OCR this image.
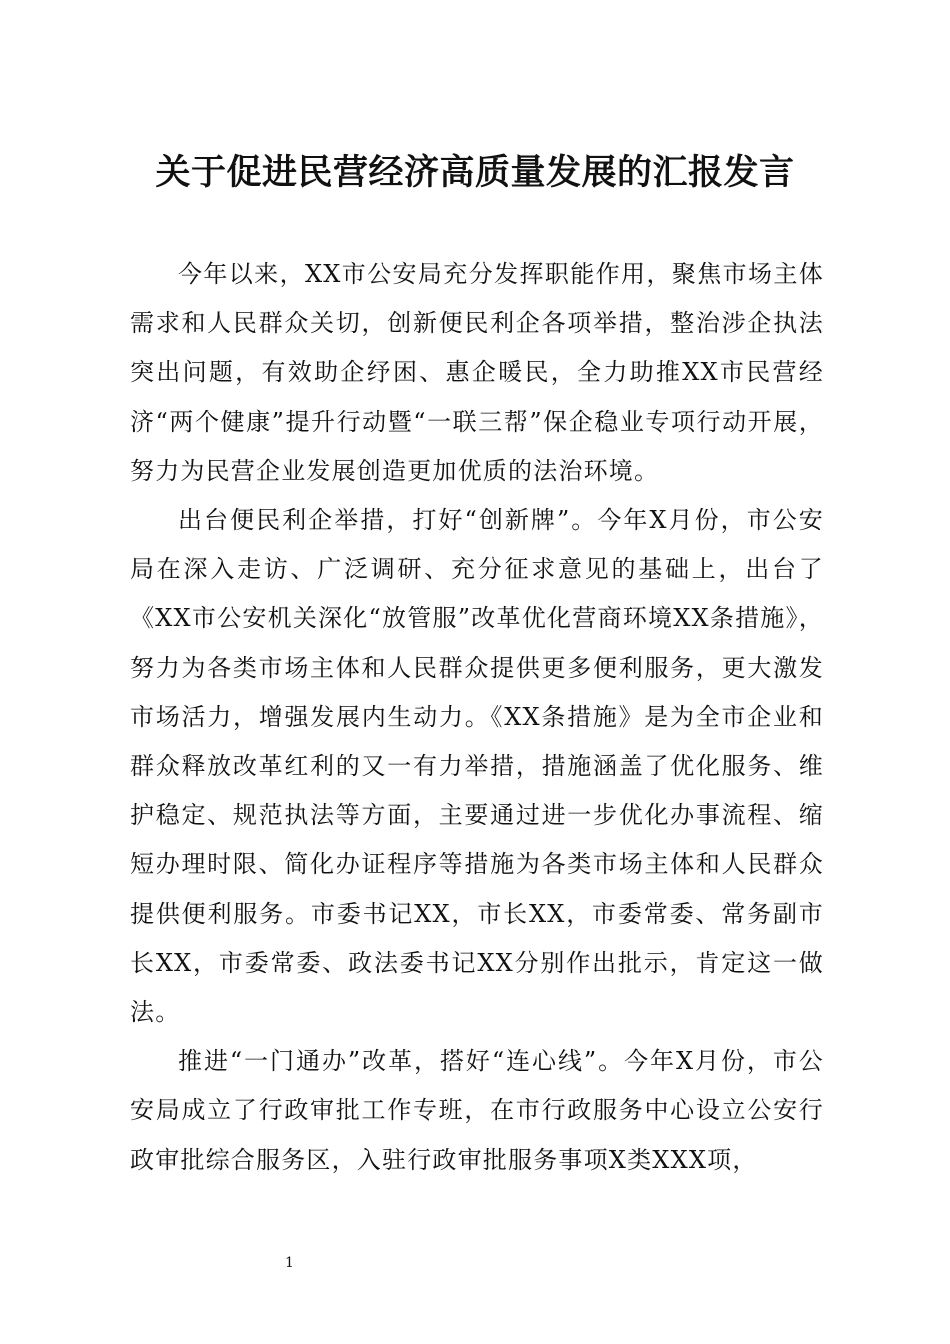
关于促进民营经济高质量发展的汇报发言

今年以来，XX市公安局充分发挥职能作用，聚焦市场主体需求和人民群众关切，创新便民利企各项举措，整治涉企执法突出问题，有效助企纾困、惠企暖民，全力助推XX市民营经济“两个健康”提升行动暨“一联三帮”保企稳业专项行动开展，努力为民营企业发展创造更加优质的法治环境。

出台便民利企举措，打好“创新牌”。今年X月份，市公安局在深入走访、广泛调研、充分征求意见的基础上，出台了《XX市公安机关深化“放管服”改革优化营商环境XX条措施》，努力为各类市场主体和人民群众提供更多便利服务，更大激发市场活力，增强发展内生动力。《XX条措施》是为全市企业和群众释放改革红利的又一有力举措，措施涵盖了优化服务、维护稳定、规范执法等方面，主要通过进一步优化办事流程、缩短办理时限、简化办证程序等措施为各类市场主体和人民群众提供便利服务。市委书记XX，市长XX，市委常委、常务副市长XX，市委常委、政法委书记XX分别作出批示，肯定这一做法。

推进“一门通办”改革，搭好“连心线”。今年X月份，市公安局成立了行政审批工作专班，在市行政服务中心设立公安行政审批综合服务区，入驻行政审批服务事项X类XXX项，

1
